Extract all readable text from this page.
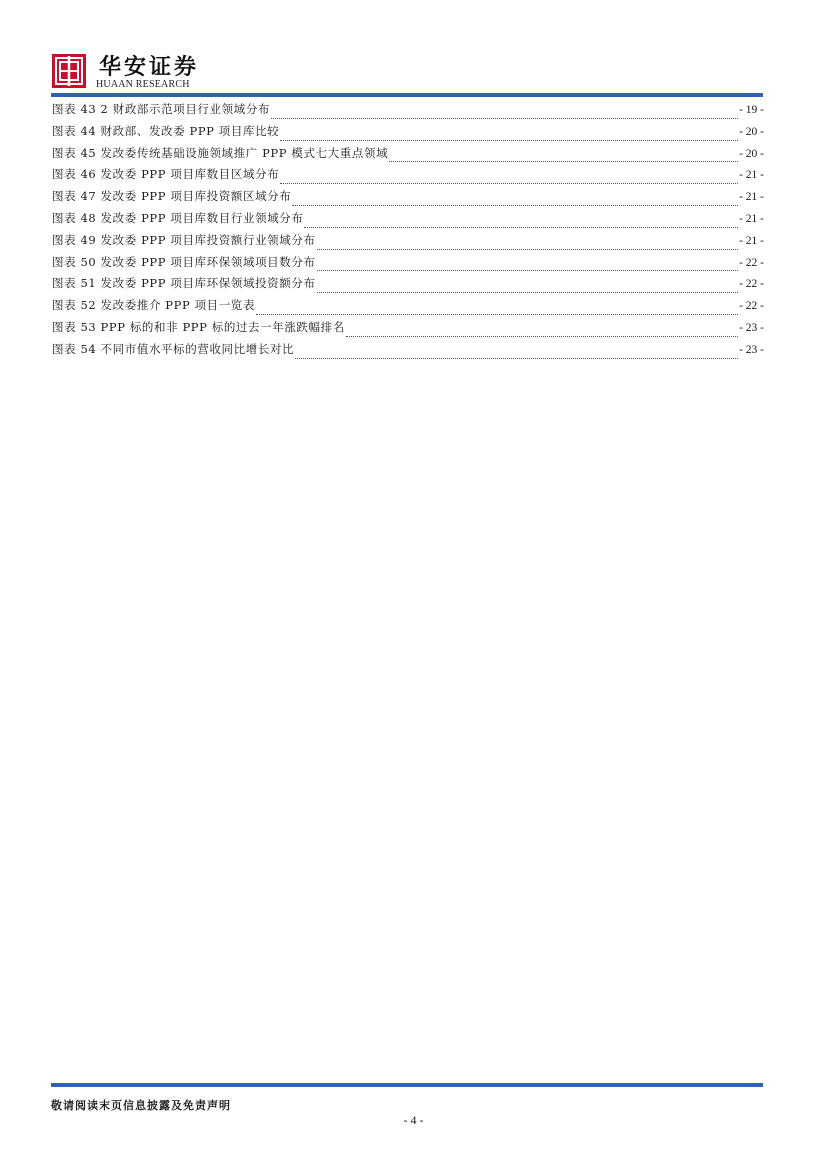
华安证券
HUAAN RESEARCH
图表 43 2 财政部示范项目行业领域分布	- 19 -
图表 44 财政部、发改委 PPP 项目库比较	- 20 -
图表 45 发改委传统基础设施领域推广 PPP 模式七大重点领域	- 20 -
图表 46 发改委 PPP 项目库数目区域分布	- 21 -
图表 47 发改委 PPP 项目库投资额区域分布	- 21 -
图表 48 发改委 PPP 项目库数目行业领域分布	- 21 -
图表 49 发改委 PPP 项目库投资额行业领域分布	- 21 -
图表 50 发改委 PPP 项目库环保领域项目数分布	- 22 -
图表 51 发改委 PPP 项目库环保领域投资额分布	- 22 -
图表 52 发改委推介 PPP 项目一览表	- 22 -
图表 53 PPP 标的和非 PPP 标的过去一年涨跌幅排名	- 23 -
图表 54 不同市值水平标的营收同比增长对比	- 23 -
敬请阅读末页信息披露及免责声明
- 4 -
